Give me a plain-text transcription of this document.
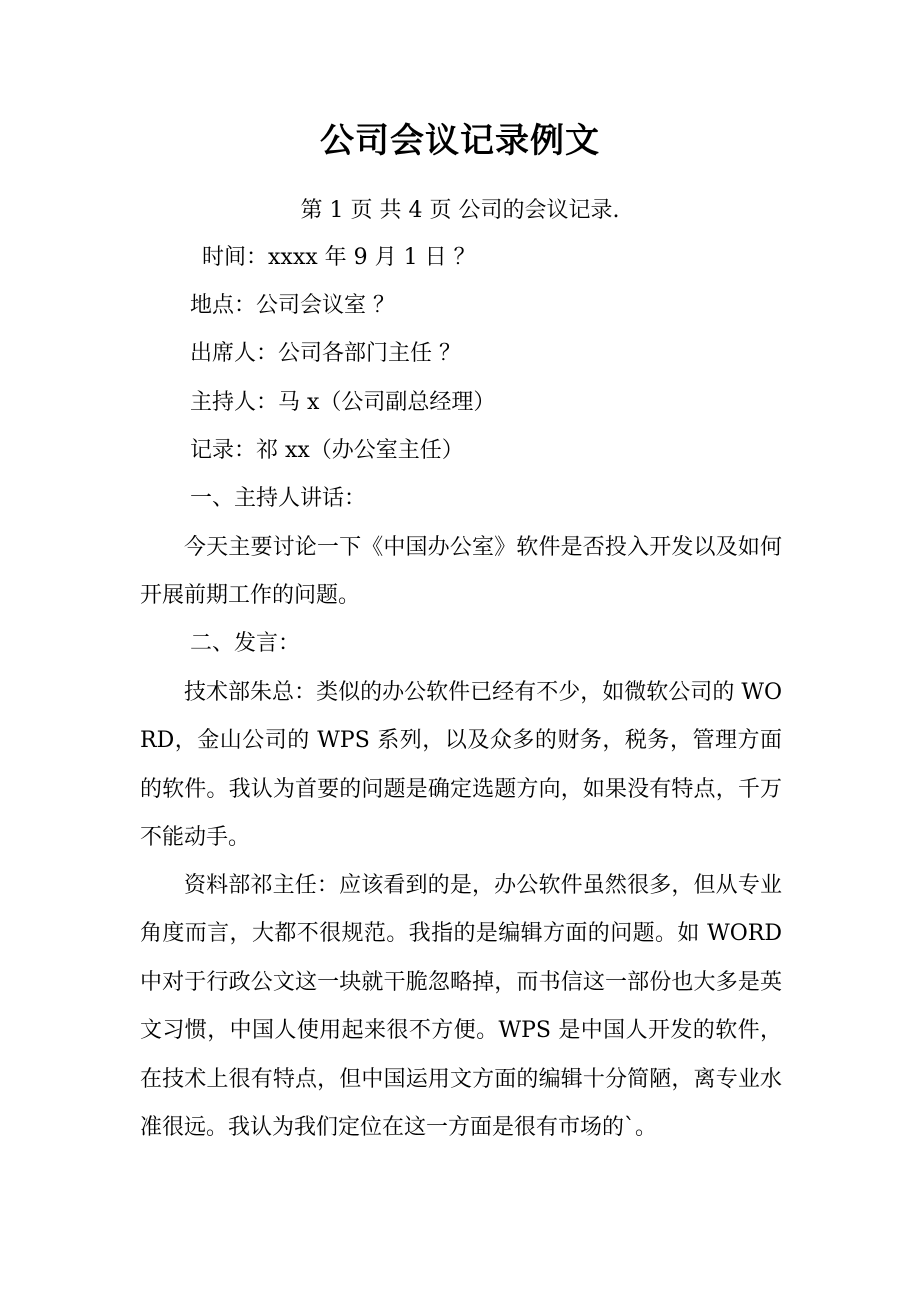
公司会议记录例文
第 1 页 共 4 页 公司的会议记录.
时间：xxxx 年 9 月 1 日 ？
地点：公司会议室 ？
出席人：公司各部门主任 ？
主持人：马 x（公司副总经理）
记录：祁 xx（办公室主任）
一、主持人讲话：
今天主要讨论一下《中国办公室》软件是否投入开发以及如何开展前期工作的问题。
二、发言：
技术部朱总：类似的办公软件已经有不少，如微软公司的 WORD，金山公司的 WPS 系列，以及众多的财务，税务，管理方面的软件。我认为首要的问题是确定选题方向，如果没有特点，千万不能动手。
资料部祁主任：应该看到的是，办公软件虽然很多，但从专业角度而言，大都不很规范。我指的是编辑方面的问题。如 WORD 中对于行政公文这一块就干脆忽略掉，而书信这一部份也大多是英文习惯，中国人使用起来很不方便。WPS 是中国人开发的软件，在技术上很有特点，但中国运用文方面的编辑十分简陋，离专业水准很远。我认为我们定位在这一方面是很有市场的`。
